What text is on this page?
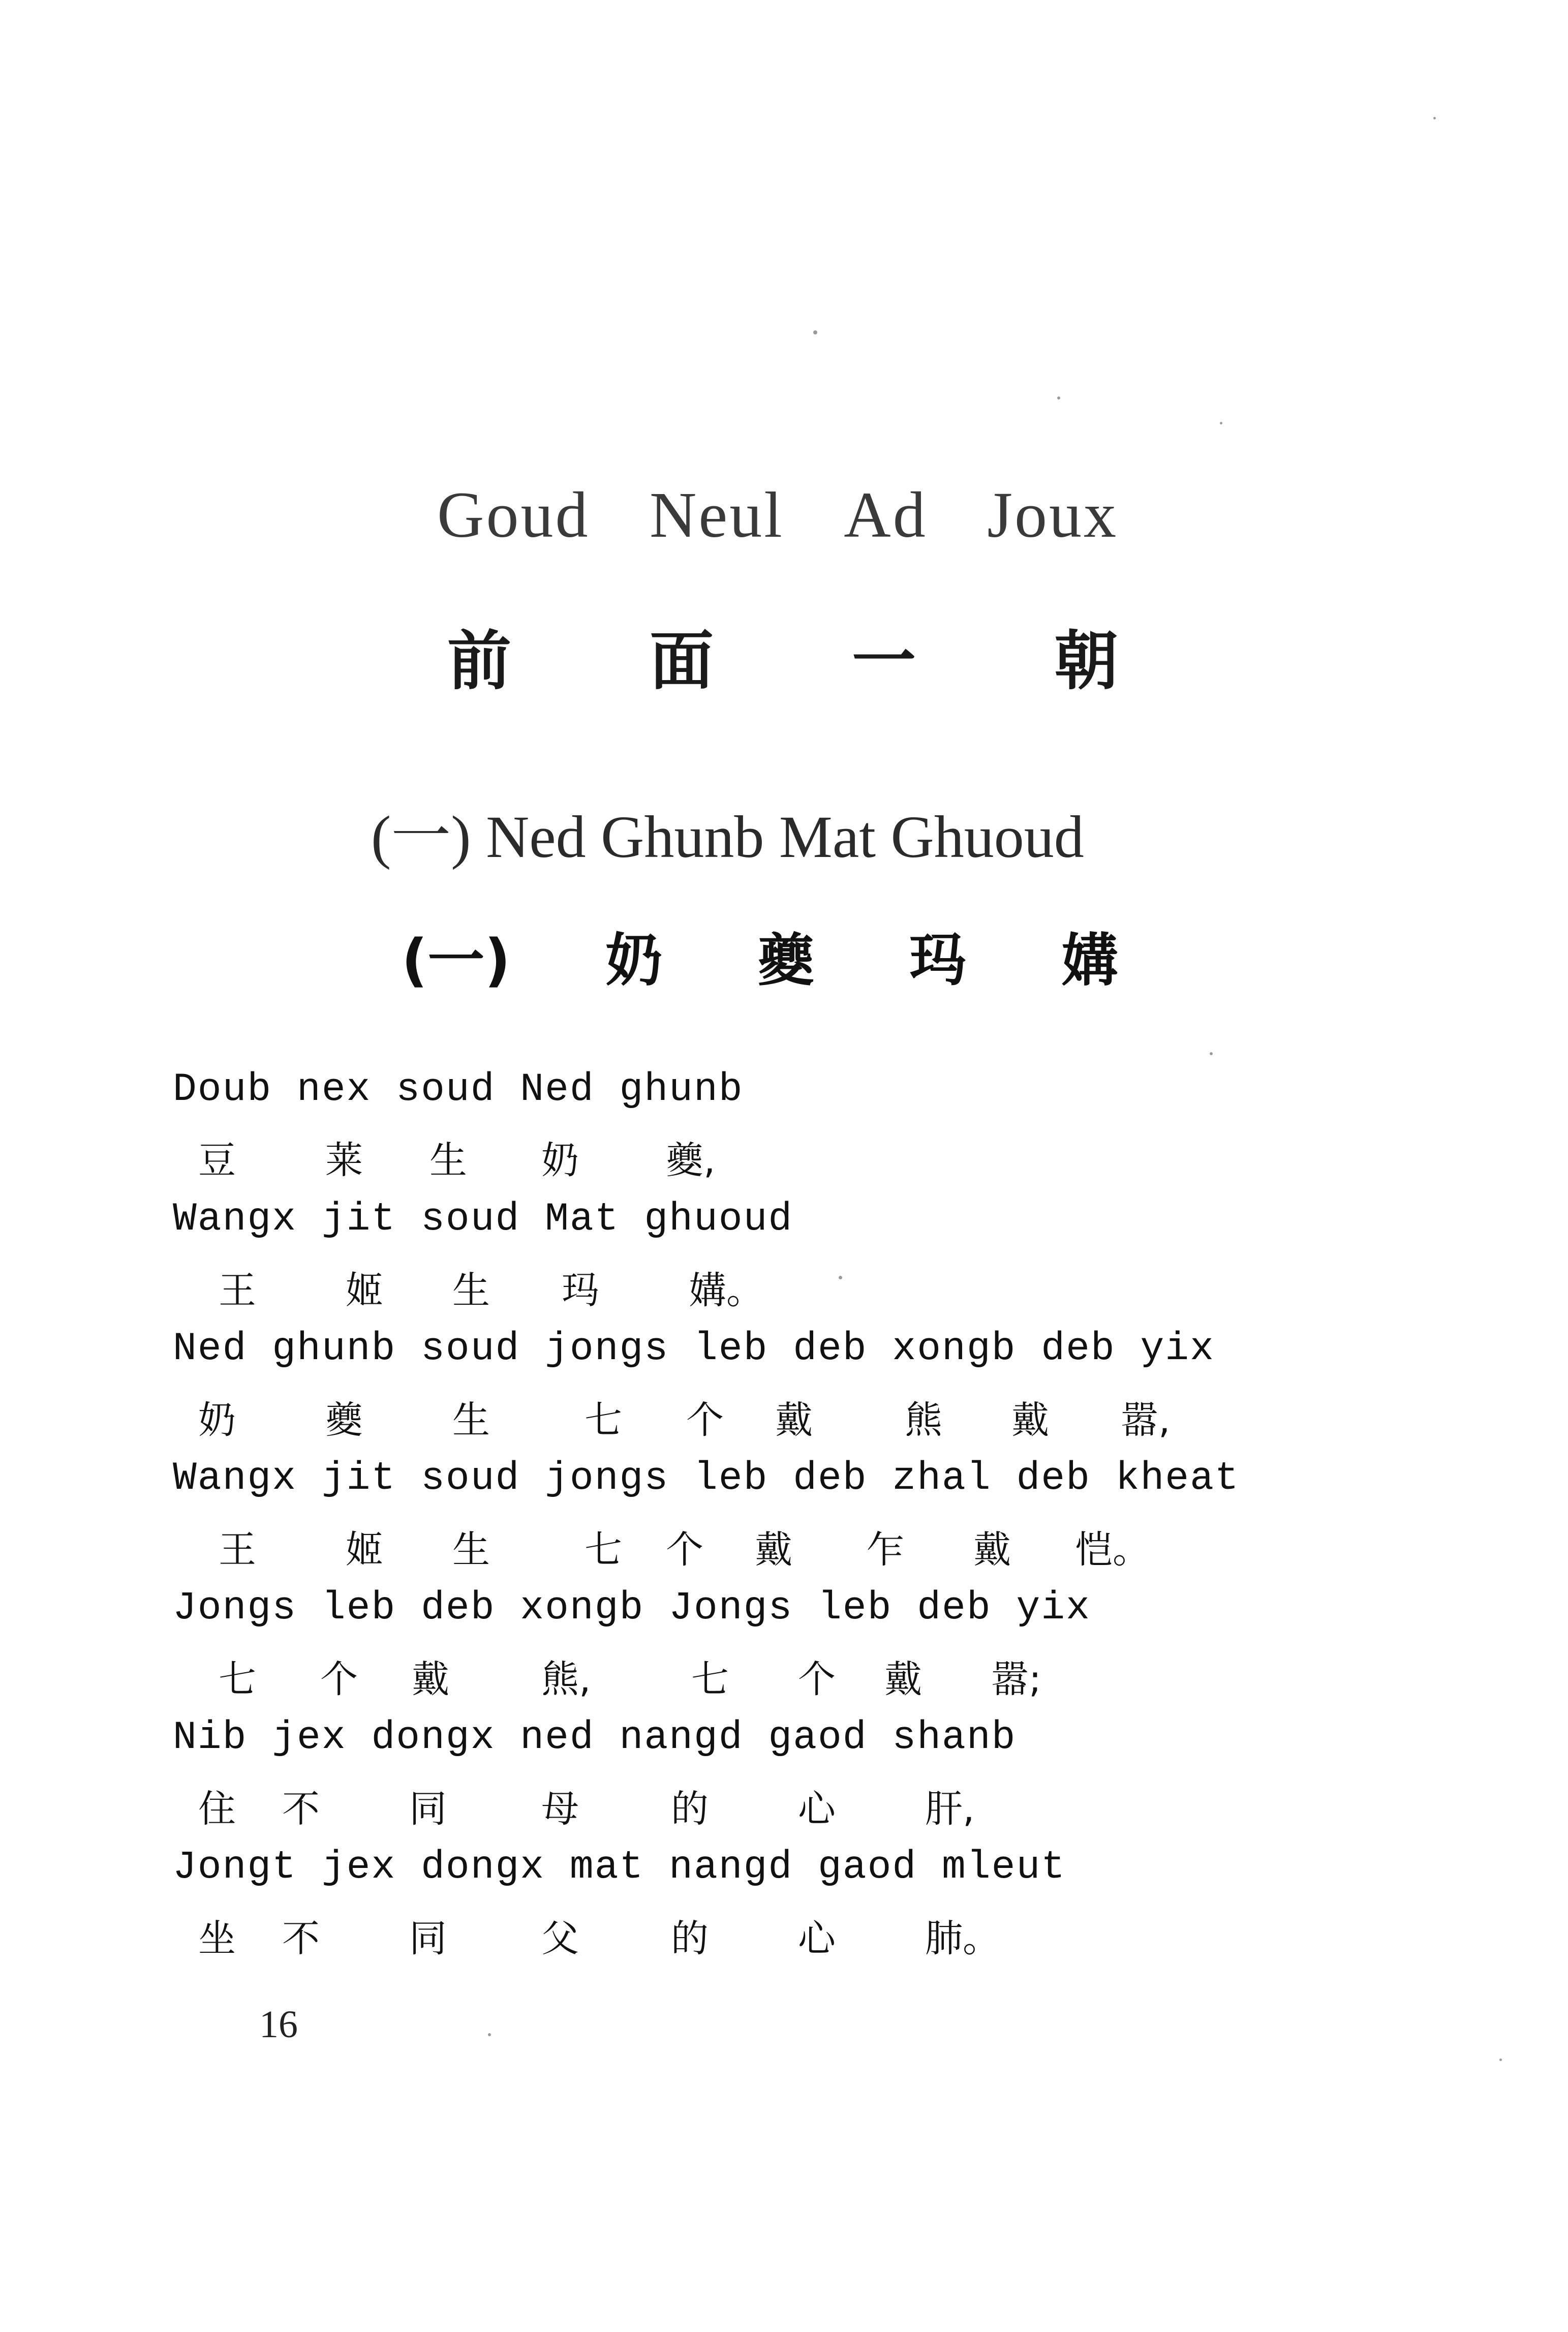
Goud Neul Ad Joux
前 面 一 朝
(一) Ned Ghunb Mat Ghuoud
(一) 奶 夔 玛 媾
Doub nex soud Ned ghunb
豆 莱 生 奶 夔,
Wangx jit soud Mat ghuoud
王 姬 生 玛 媾。
Ned ghunb soud jongs leb deb xongb deb yix
奶 夔 生	七 个 戴 熊 戴 嚣,
Wangx jit soud jongs leb deb zhal deb kheat
王 姬 生	七 个 戴 乍 戴 恺。
Jongs leb deb xongb Jongs leb deb yix
七 个 戴 熊,	七 个 戴 嚣;
Nib jex dongx ned nangd gaod shanb
住 不 同	母 的 心 肝,
Jongt jex dongx mat nangd gaod mleut
坐 不 同	父 的 心 肺。
16
